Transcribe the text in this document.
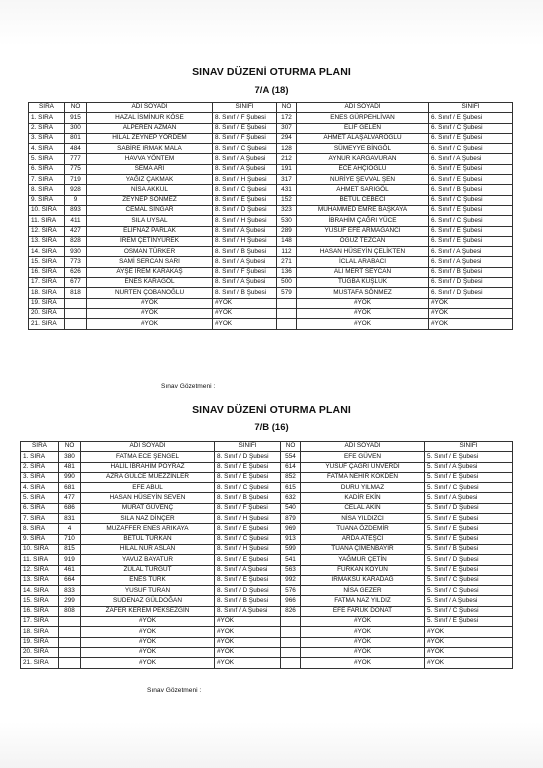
SINAV DÜZENİ OTURMA PLANI
7/A (18)
SIRA	NO	ADI SOYADI	SINIFI	NO	ADI SOYADI	SINIFI
1. SIRA	915	HAZAL İSMİNUR KÖSE	8. Sınıf / F Şubesi	172	ENES GÜRPEHLİVAN	6. Sınıf / E Şubesi
2. SIRA	300	ALPEREN AZMAN	8. Sınıf / E Şubesi	307	ELİF GELEN	6. Sınıf / C Şubesi
3. SIRA	801	HİLAL ZEYNEP YÖRDEM	8. Sınıf / F Şubesi	294	AHMET ALAŞALVAROĞLU	6. Sınıf / E Şubesi
4. SIRA	484	SABİRE IRMAK MALA	8. Sınıf / C Şubesi	128	SÜMEYYE BİNGÖL	6. Sınıf / C Şubesi
5. SIRA	777	HAVVA YÖNTEM	8. Sınıf / A Şubesi	212	AYNUR KARGAVURAN	6. Sınıf / A Şubesi
6. SIRA	775	SEMA ARI	8. Sınıf / A Şubesi	191	ECE AHÇIOĞLU	6. Sınıf / E Şubesi
7. SIRA	719	YAĞIZ ÇAKMAK	8. Sınıf / H Şubesi	317	NURİYE ŞEVVAL ŞEN	6. Sınıf / E Şubesi
8. SIRA	928	NİSA AKKUL	8. Sınıf / C Şubesi	431	AHMET SARIGÖL	6. Sınıf / B Şubesi
9. SIRA	9	ZEYNEP SÖNMEZ	8. Sınıf / E Şubesi	152	BETÜL CEBECİ	6. Sınıf / C Şubesi
10. SIRA	893	CEMAL SİNGAR	8. Sınıf / D Şubesi	323	MUHAMMED EMRE BAŞKAYA	6. Sınıf / E Şubesi
11. SIRA	411	SILA UYSAL	8. Sınıf / H Şubesi	530	İBRAHİM ÇAĞRI YÜCE	6. Sınıf / C Şubesi
12. SIRA	427	ELİFNAZ PARLAK	8. Sınıf / A Şubesi	289	YUSUF EFE ARMAĞANCI	6. Sınıf / E Şubesi
13. SIRA	828	İREM ÇETİNYÜREK	8. Sınıf / H Şubesi	148	ÖĞUZ TEZCAN	6. Sınıf / E Şubesi
14. SIRA	930	OSMAN TÜRKER	8. Sınıf / B Şubesi	112	HASAN HÜSEYİN ÇELİKTEN	6. Sınıf / A Şubesi
15. SIRA	773	SAMİ SERCAN SARI	8. Sınıf / A Şubesi	271	İCLAL ARABACI	6. Sınıf / A Şubesi
16. SIRA	626	AYŞE İREM KARAKAŞ	8. Sınıf / F Şubesi	136	ALİ MERT SEYCAN	6. Sınıf / B Şubesi
17. SIRA	677	ENES KARAGÖL	8. Sınıf / A Şubesi	500	TUĞBA KUŞLUK	6. Sınıf / D Şubesi
18. SIRA	818	NURTEN ÇOBANOĞLU	8. Sınıf / B Şubesi	579	MUSTAFA SÖNMEZ	6. Sınıf / D Şubesi
19. SIRA		#YOK	#YOK		#YOK	#YOK
20. SIRA		#YOK	#YOK		#YOK	#YOK
21. SIRA		#YOK	#YOK		#YOK	#YOK
Sınav Gözetmeni :
SINAV DÜZENİ OTURMA PLANI
7/B (16)
SIRA	NO	ADI SOYADI	SINIFI	NO	ADI SOYADI	SINIFI
1. SIRA	380	FATMA ECE ŞENGEL	8. Sınıf / D Şubesi	554	EFE GÜVEN	5. Sınıf / E Şubesi
2. SIRA	481	HALİL İBRAHİM POYRAZ	8. Sınıf / E Şubesi	614	YUSUF ÇAĞRI ÜNVERDİ	5. Sınıf / A Şubesi
3. SIRA	990	AZRA GÜLCE MÜEZZİNLER	8. Sınıf / E Şubesi	852	FATMA NEHİR KÖKDEN	5. Sınıf / E Şubesi
4. SIRA	681	EFE ABUL	8. Sınıf / C Şubesi	615	DURU YILMAZ	5. Sınıf / C Şubesi
5. SIRA	477	HASAN HÜSEYİN SEVEN	8. Sınıf / B Şubesi	632	KADİR EKİN	5. Sınıf / A Şubesi
6. SIRA	686	MURAT GÜVENÇ	8. Sınıf / F Şubesi	540	CELAL AKIN	5. Sınıf / D Şubesi
7. SIRA	831	SILA NAZ DİNÇER	8. Sınıf / H Şubesi	879	NİSA YILDIZCI	5. Sınıf / E Şubesi
8. SIRA	4	MUZAFFER ENES ARIKAYA	8. Sınıf / E Şubesi	969	TUANA ÖZDEMİR	5. Sınıf / E Şubesi
9. SIRA	710	BETÜL TÜRKAN	8. Sınıf / C Şubesi	913	ARDA ATEŞCİ	5. Sınıf / E Şubesi
10. SIRA	815	HİLAL NUR ASLAN	8. Sınıf / H Şubesi	599	TUANA ÇİMENBAYIR	5. Sınıf / B Şubesi
11. SIRA	919	YAVUZ BAYATUR	8. Sınıf / E Şubesi	541	YAĞMUR ÇETİN	5. Sınıf / D Şubesi
12. SIRA	461	ZÜLAL TURGUT	8. Sınıf / A Şubesi	563	FURKAN KOYUN	5. Sınıf / E Şubesi
13. SIRA	664	ENES TÜRK	8. Sınıf / E Şubesi	992	IRMAKSU KARADAĞ	5. Sınıf / C Şubesi
14. SIRA	833	YUSUF TURAN	8. Sınıf / D Şubesi	576	NİSA GEZER	5. Sınıf / C Şubesi
15. SIRA	299	SUDENAZ GÜLDOĞAN	8. Sınıf / B Şubesi	966	FATMA NAZ YILDIZ	5. Sınıf / A Şubesi
16. SIRA	808	ZAFER KEREM PEKSEZGİN	8. Sınıf / A Şubesi	826	EFE FARUK DONAT	5. Sınıf / C Şubesi
17. SIRA		#YOK	#YOK		#YOK	5. Sınıf / E Şubesi
18. SIRA		#YOK	#YOK		#YOK	#YOK
19. SIRA		#YOK	#YOK		#YOK	#YOK
20. SIRA		#YOK	#YOK		#YOK	#YOK
21. SIRA		#YOK	#YOK		#YOK	#YOK
Sınav Gözetmeni :
